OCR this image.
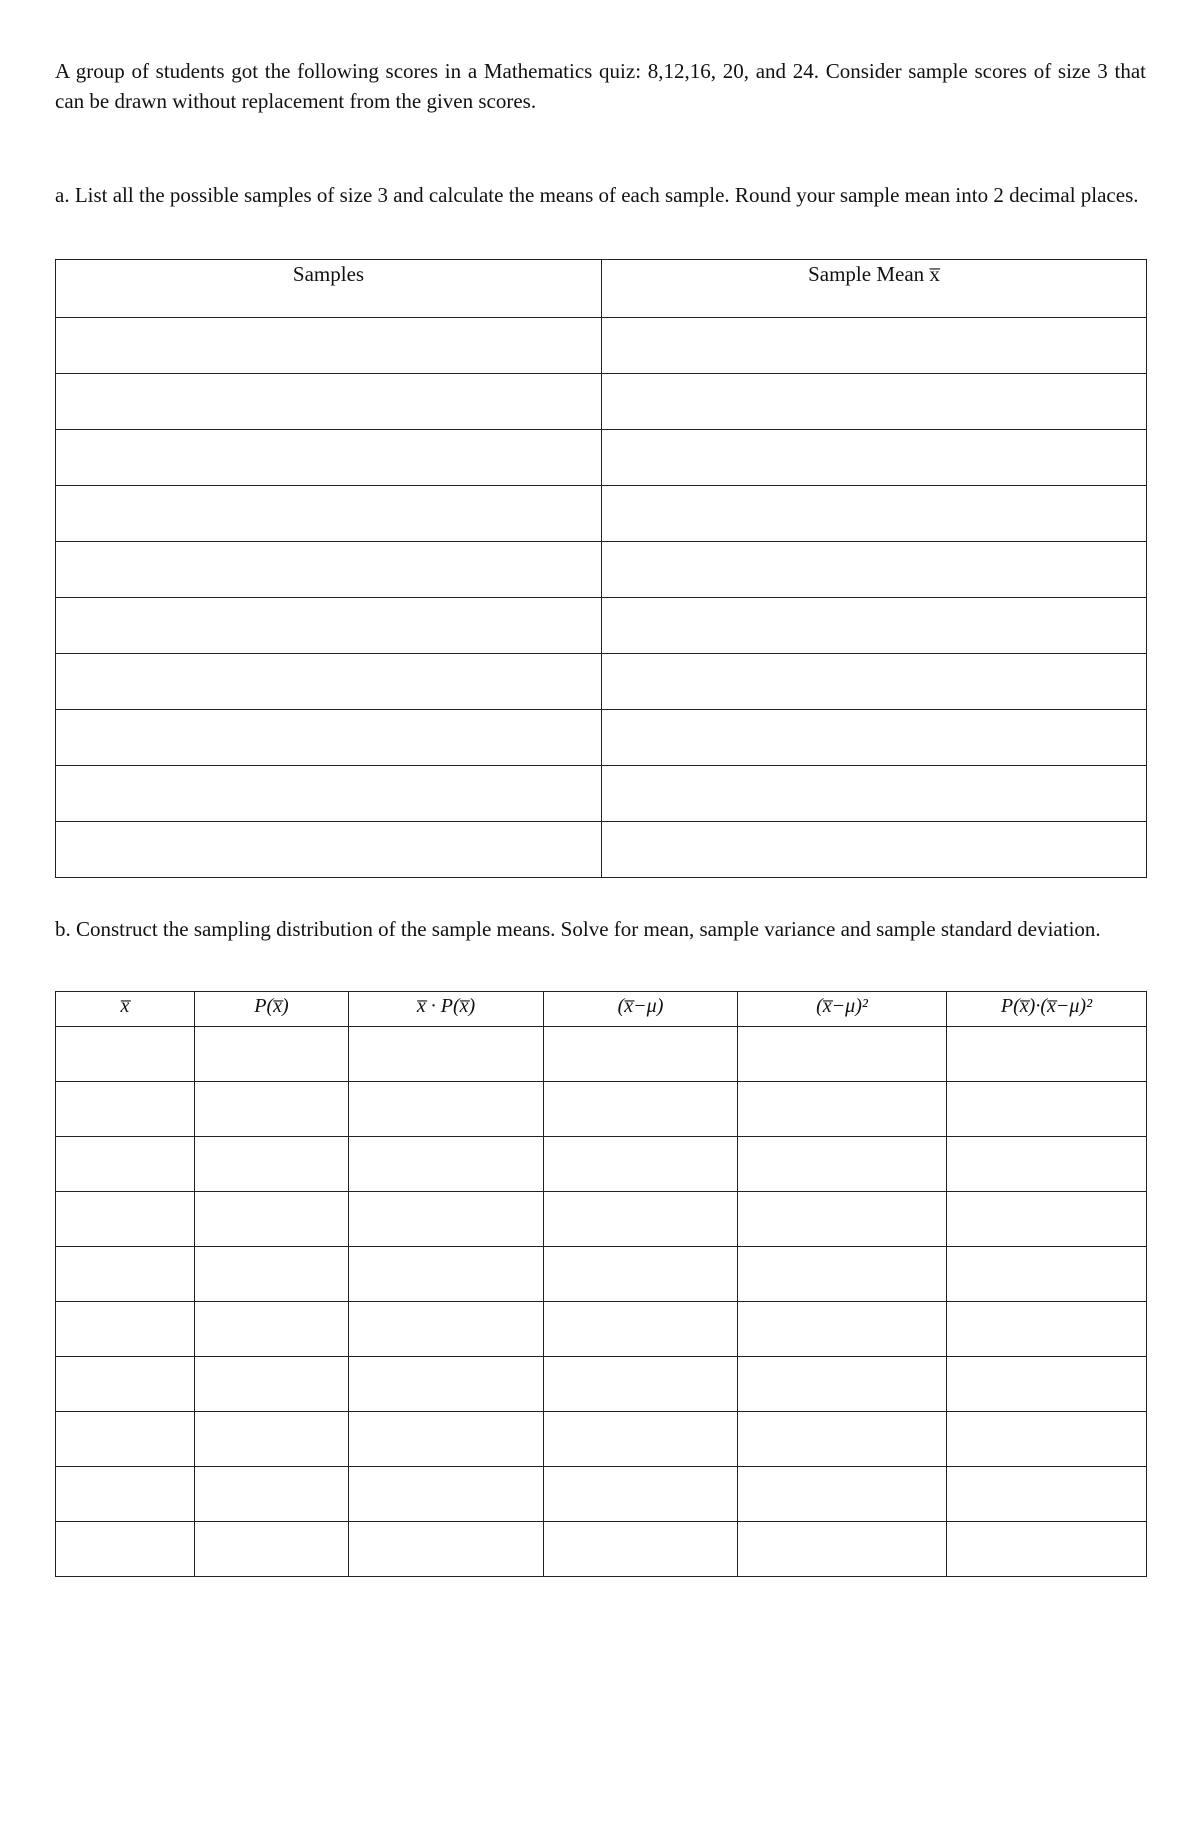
A group of students got the following scores in a Mathematics quiz: 8,12,16, 20, and 24. Consider sample scores of size 3 that can be drawn without replacement from the given scores.

a. List all the possible samples of size 3 and calculate the means of each sample. Round your sample mean into 2 decimal places.

Samples	Sample Mean x̅

b. Construct the sampling distribution of the sample means. Solve for mean, sample variance and sample standard deviation.

x̅	P(x̅)	x̅ · P(x̅)	(x̅−μ)	(x̅−μ)²	P(x̅)·(x̅−μ)²
